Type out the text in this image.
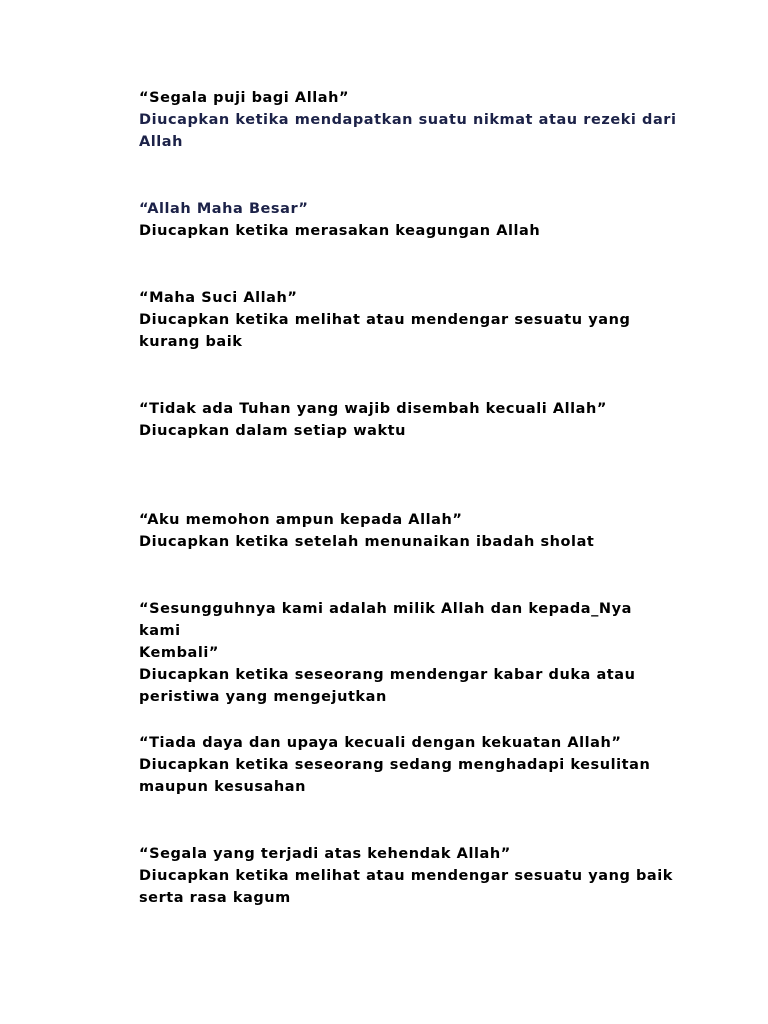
“Segala puji bagi Allah”
Diucapkan ketika mendapatkan suatu nikmat atau rezeki dari
Allah
“Allah Maha Besar”
Diucapkan ketika merasakan keagungan Allah
“Maha Suci Allah”
Diucapkan ketika melihat atau mendengar sesuatu yang
kurang baik
“Tidak ada Tuhan yang wajib disembah kecuali Allah”
Diucapkan dalam setiap waktu
“Aku memohon ampun kepada Allah”
Diucapkan ketika setelah menunaikan ibadah sholat
“Sesungguhnya kami adalah milik Allah dan kepada_Nya kami
Kembali”
Diucapkan ketika seseorang mendengar kabar duka atau
peristiwa yang mengejutkan
“Tiada daya dan upaya kecuali dengan kekuatan Allah”
Diucapkan ketika seseorang sedang menghadapi kesulitan
maupun kesusahan
“Segala yang terjadi atas kehendak Allah”
Diucapkan ketika melihat atau mendengar sesuatu yang baik
serta rasa kagum
